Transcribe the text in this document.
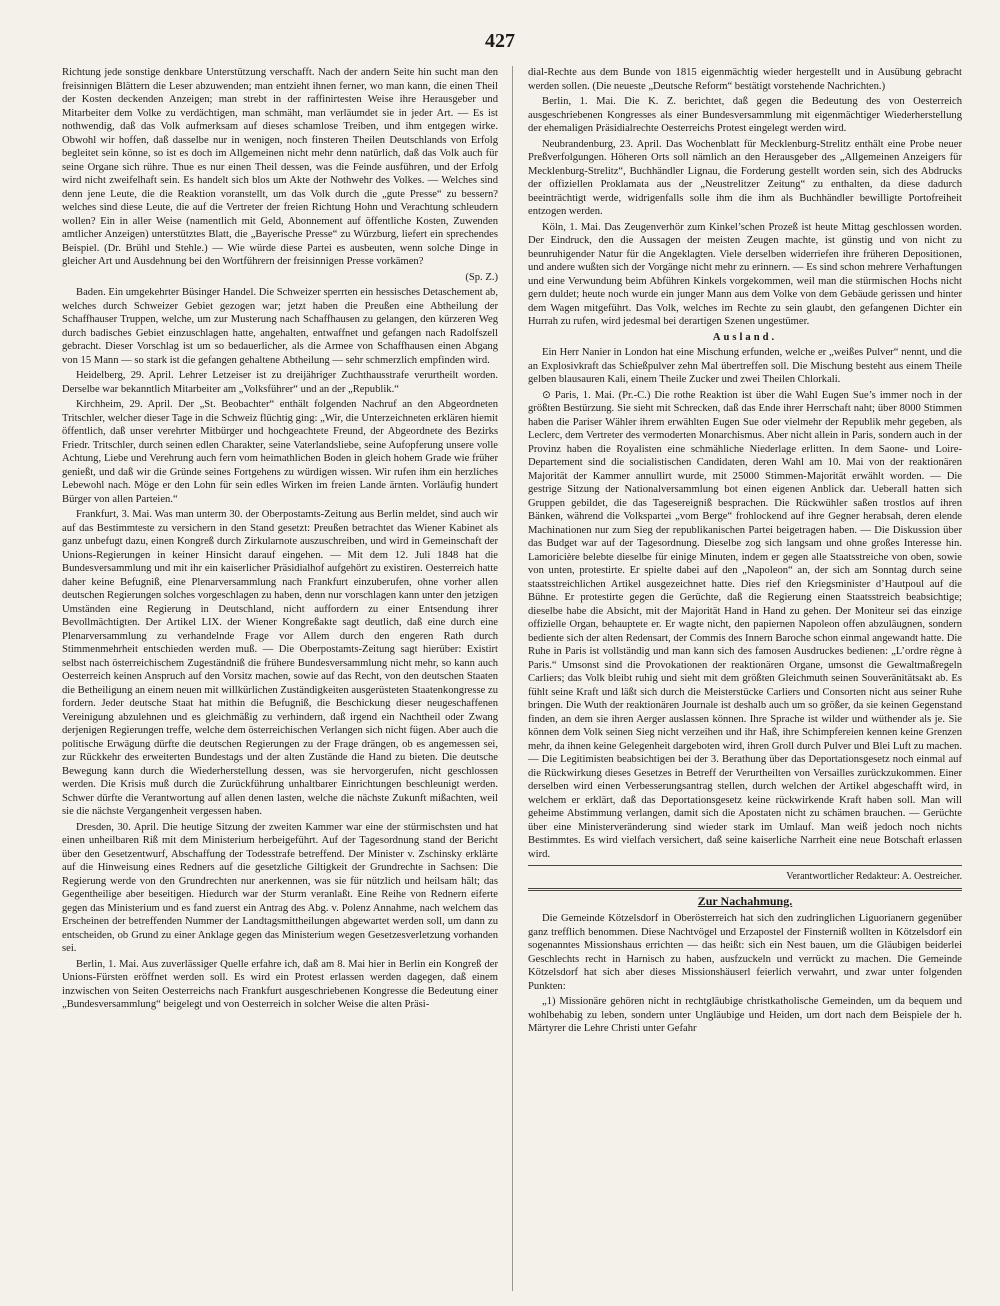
427

Richtung jede sonstige denkbare Unterstützung verschafft. Nach der andern Seite hin sucht man den freisinnigen Blättern die Leser abzuwenden; man entzieht ihnen ferner, wo man kann, die einen Theil der Kosten deckenden Anzeigen; man strebt in der raffinirtesten Weise ihre Herausgeber und Mitarbeiter dem Volke zu verdächtigen, man schmäht, man verläumdet sie in jeder Art. — Es ist nothwendig, daß das Volk aufmerksam auf dieses schamlose Treiben, und ihm entgegen wirke. Obwohl wir hoffen, daß dasselbe nur in wenigen, noch finsteren Theilen Deutschlands von Erfolg begleitet sein könne, so ist es doch im Allgemeinen nicht mehr denn natürlich, daß das Volk auch für seine Organe sich rühre. Thue es nur einen Theil dessen, was die Feinde ausführen, und der Erfolg wird nicht zweifelhaft sein. Es handelt sich blos um Akte der Nothwehr des Volkes. — Welches sind denn jene Leute, die die Reaktion voranstellt, um das Volk durch die „gute Presse“ zu bessern? welches sind diese Leute, die auf die Vertreter der freien Richtung Hohn und Verachtung schleudern wollen? Ein in aller Weise (namentlich mit Geld, Abonnement auf öffentliche Kosten, Zuwenden amtlicher Anzeigen) unterstütztes Blatt, die „Bayerische Presse“ zu Würzburg, liefert ein sprechendes Beispiel. (Dr. Brühl und Stehle.) — Wie würde diese Partei es ausbeuten, wenn solche Dinge in gleicher Art und Ausdehnung bei den Wortführern der freisinnigen Presse vorkämen?

(Sp. Z.)

Baden. Ein umgekehrter Büsinger Handel. Die Schweizer sperrten ein hessisches Detaschement ab, welches durch Schweizer Gebiet gezogen war; jetzt haben die Preußen eine Abtheilung der Schaffhauser Truppen, welche, um zur Musterung nach Schaffhausen zu gelangen, den kürzeren Weg durch badisches Gebiet einzuschlagen hatte, angehalten, entwaffnet und gefangen nach Radolfszell gebracht. Dieser Vorschlag ist um so bedauerlicher, als die Armee von Schaffhausen einen Abgang von 15 Mann — so stark ist die gefangen gehaltene Abtheilung — sehr schmerzlich empfinden wird.

Heidelberg, 29. April. Lehrer Letzeiser ist zu dreijähriger Zuchthausstrafe verurtheilt worden. Derselbe war bekanntlich Mitarbeiter am „Volksführer“ und an der „Republik.“

Kirchheim, 29. April. Der „St. Beobachter“ enthält folgenden Nachruf an den Abgeordneten Tritschler, welcher dieser Tage in die Schweiz flüchtig ging: „Wir, die Unterzeichneten erklären hiemit öffentlich, daß unser verehrter Mitbürger und hochgeachtete Freund, der Abgeordnete des Bezirks Friedr. Tritschler, durch seinen edlen Charakter, seine Vaterlandsliebe, seine Aufopferung unsere volle Achtung, Liebe und Verehrung auch fern vom heimathlichen Boden in gleich hohem Grade wie früher genießt, und daß wir die Gründe seines Fortgehens zu würdigen wissen. Wir rufen ihm ein herzliches Lebewohl nach. Möge er den Lohn für sein edles Wirken im freien Lande ärnten. Vorläufig hundert Bürger von allen Parteien.“

Frankfurt, 3. Mai. Was man unterm 30. der Oberpostamts-Zeitung aus Berlin meldet, sind auch wir auf das Bestimmteste zu versichern in den Stand gesetzt: Preußen betrachtet das Wiener Kabinet als ganz unbefugt dazu, einen Kongreß durch Zirkularnote auszuschreiben, und wird in Gemeinschaft der Unions-Regierungen in keiner Hinsicht darauf eingehen. — Mit dem 12. Juli 1848 hat die Bundesversammlung und mit ihr ein kaiserlicher Präsidialhof aufgehört zu existiren. Oesterreich hatte daher keine Befugniß, eine Plenarversammlung nach Frankfurt einzuberufen, ohne vorher allen deutschen Regierungen solches vorgeschlagen zu haben, denn nur vorschlagen kann unter den jetzigen Umständen eine Regierung in Deutschland, nicht auffordern zu einer Entsendung ihrer Bevollmächtigten. Der Artikel LIX. der Wiener Kongreßakte sagt deutlich, daß eine durch eine Plenarversammlung zu verhandelnde Frage vor Allem durch den engeren Rath durch Stimmenmehrheit entschieden werden muß. — Die Oberpostamts-Zeitung sagt hierüber: Existirt selbst nach österreichischem Zugeständniß die frühere Bundesversammlung nicht mehr, so kann auch Oesterreich keinen Anspruch auf den Vorsitz machen, sowie auf das Recht, von den deutschen Staaten die Betheiligung an einem neuen mit willkürlichen Zuständigkeiten ausgerüsteten Staatenkongresse zu fordern. Jeder deutsche Staat hat mithin die Befugniß, die Beschickung dieser neugeschaffenen Vereinigung abzulehnen und es gleichmäßig zu verhindern, daß irgend ein Nachtheil oder Zwang derjenigen Regierungen treffe, welche dem österreichischen Verlangen sich nicht fügen. Aber auch die politische Erwägung dürfte die deutschen Regierungen zu der Frage drängen, ob es angemessen sei, zur Rückkehr des erweiterten Bundestags und der alten Zustände die Hand zu bieten. Die deutsche Bewegung kann durch die Wiederherstellung dessen, was sie hervorgerufen, nicht geschlossen werden. Die Krisis muß durch die Zurückführung unhaltbarer Einrichtungen beschleunigt werden. Schwer dürfte die Verantwortung auf allen denen lasten, welche die nächste Zukunft mißachten, weil sie die nächste Vergangenheit vergessen haben.

Dresden, 30. April. Die heutige Sitzung der zweiten Kammer war eine der stürmischsten und hat einen unheilbaren Riß mit dem Ministerium herbeigeführt. Auf der Tagesordnung stand der Bericht über den Gesetzentwurf, Abschaffung der Todesstrafe betreffend. Der Minister v. Zschinsky erklärte auf die Hinweisung eines Redners auf die gesetzliche Giltigkeit der Grundrechte in Sachsen: Die Regierung werde von den Grundrechten nur anerkennen, was sie für nützlich und heilsam hält; das Gegentheilige aber beseitigen. Hiedurch war der Sturm veranlaßt. Eine Reihe von Rednern eiferte gegen das Ministerium und es fand zuerst ein Antrag des Abg. v. Polenz Annahme, nach welchem das Erscheinen der betreffenden Nummer der Landtagsmittheilungen abgewartet werden soll, um dann zu entscheiden, ob Grund zu einer Anklage gegen das Ministerium wegen Gesetzesverletzung vorhanden sei.

Berlin, 1. Mai. Aus zuverlässiger Quelle erfahre ich, daß am 8. Mai hier in Berlin ein Kongreß der Unions-Fürsten eröffnet werden soll. Es wird ein Protest erlassen werden dagegen, daß einem inzwischen von Seiten Oesterreichs nach Frankfurt ausgeschriebenen Kongresse die Bedeutung einer „Bundesversammlung“ beigelegt und von Oesterreich in solcher Weise die alten Präsi-

dial-Rechte aus dem Bunde von 1815 eigenmächtig wieder hergestellt und in Ausübung gebracht werden sollen. (Die neueste „Deutsche Reform“ bestätigt vorstehende Nachrichten.)

Berlin, 1. Mai. Die K. Z. berichtet, daß gegen die Bedeutung des von Oesterreich ausgeschriebenen Kongresses als einer Bundesversammlung mit eigenmächtiger Wiederherstellung der ehemaligen Präsidialrechte Oesterreichs Protest eingelegt werden wird.

Neubrandenburg, 23. April. Das Wochenblatt für Mecklenburg-Strelitz enthält eine Probe neuer Preßverfolgungen. Höheren Orts soll nämlich an den Herausgeber des „Allgemeinen Anzeigers für Mecklenburg-Strelitz“, Buchhändler Lignau, die Forderung gestellt worden sein, sich des Abdrucks der offiziellen Proklamata aus der „Neustrelitzer Zeitung“ zu enthalten, da diese dadurch beeinträchtigt werde, widrigenfalls solle ihm die ihm als Buchhändler bewilligte Portofreiheit entzogen werden.

Köln, 1. Mai. Das Zeugenverhör zum Kinkel’schen Prozeß ist heute Mittag geschlossen worden. Der Eindruck, den die Aussagen der meisten Zeugen machte, ist günstig und von nicht zu beunruhigender Natur für die Angeklagten. Viele derselben widerriefen ihre früheren Depositionen, und andere wußten sich der Vorgänge nicht mehr zu erinnern. — Es sind schon mehrere Verhaftungen und eine Verwundung beim Abführen Kinkels vorgekommen, weil man die stürmischen Hochs nicht gern duldet; heute noch wurde ein junger Mann aus dem Volke von dem Gebäude gerissen und hinter dem Wagen mitgeführt. Das Volk, welches im Rechte zu sein glaubt, den gefangenen Dichter ein Hurrah zu rufen, wird jedesmal bei derartigen Szenen ungestümer.

Ausland.

Ein Herr Nanier in London hat eine Mischung erfunden, welche er „weißes Pulver“ nennt, und die an Explosivkraft das Schießpulver zehn Mal übertreffen soll. Die Mischung besteht aus einem Theile gelben blausauren Kali, einem Theile Zucker und zwei Theilen Chlorkali.

⊙ Paris, 1. Mai. (Pr.-C.) Die rothe Reaktion ist über die Wahl Eugen Sue’s immer noch in der größten Bestürzung. Sie sieht mit Schrecken, daß das Ende ihrer Herrschaft naht; über 8000 Stimmen haben die Pariser Wähler ihrem erwählten Eugen Sue oder vielmehr der Republik mehr gegeben, als Leclerc, dem Vertreter des vermoderten Monarchismus. Aber nicht allein in Paris, sondern auch in der Provinz haben die Royalisten eine schmähliche Niederlage erlitten. In dem Saone- und Loire-Departement sind die socialistischen Candidaten, deren Wahl am 10. Mai von der reaktionären Majorität der Kammer annullirt wurde, mit 25000 Stimmen-Majorität erwählt worden. — Die gestrige Sitzung der Nationalversammlung bot einen eigenen Anblick dar. Ueberall hatten sich Gruppen gebildet, die das Tagesereigniß besprachen. Die Rückwühler saßen trostlos auf ihren Bänken, während die Volkspartei „vom Berge“ frohlockend auf ihre Gegner herabsah, deren elende Machinationen nur zum Sieg der republikanischen Partei beigetragen haben. — Die Diskussion über das Budget war auf der Tagesordnung. Dieselbe zog sich langsam und ohne großes Interesse hin. Lamoricière belebte dieselbe für einige Minuten, indem er gegen alle Staatsstreiche von oben, sowie von unten, protestirte. Er spielte dabei auf den „Napoleon“ an, der sich am Sonntag durch seine staatsstreichlichen Artikel ausgezeichnet hatte. Dies rief den Kriegsminister d’Hautpoul auf die Bühne. Er protestirte gegen die Gerüchte, daß die Regierung einen Staatsstreich beabsichtige; dieselbe habe die Absicht, mit der Majorität Hand in Hand zu gehen. Der Moniteur sei das einzige offizielle Organ, behauptete er. Er wagte nicht, den papiernen Napoleon offen abzuläugnen, sondern bediente sich der alten Redensart, der Commis des Innern Baroche schon einmal angewandt hatte. Die Ruhe in Paris ist vollständig und man kann sich des famosen Ausdruckes bedienen: „L’ordre règne à Paris.“ Umsonst sind die Provokationen der reaktionären Organe, umsonst die Gewaltmaßregeln Carliers; das Volk bleibt ruhig und sieht mit dem größten Gleichmuth seinen Souveränitätsakt ab. Es fühlt seine Kraft und läßt sich durch die Meisterstücke Carliers und Consorten nicht aus seiner Ruhe bringen. Die Wuth der reaktionären Journale ist deshalb auch um so größer, da sie keinen Gegenstand finden, an dem sie ihren Aerger auslassen können. Ihre Sprache ist wilder und wüthender als je. Sie können dem Volk seinen Sieg nicht verzeihen und ihr Haß, ihre Schimpfereien kennen keine Grenzen mehr, da ihnen keine Gelegenheit dargeboten wird, ihren Groll durch Pulver und Blei Luft zu machen. — Die Legitimisten beabsichtigen bei der 3. Berathung über das Deportationsgesetz noch einmal auf die Rückwirkung dieses Gesetzes in Betreff der Verurtheilten von Versailles zurückzukommen. Einer derselben wird einen Verbesserungsantrag stellen, durch welchen der Artikel abgeschafft wird, in welchem er erklärt, daß das Deportationsgesetz keine rückwirkende Kraft haben soll. Man will geheime Abstimmung verlangen, damit sich die Apostaten nicht zu schämen brauchen. — Gerüchte über eine Ministerveränderung sind wieder stark im Umlauf. Man weiß jedoch noch nichts Bestimmtes. Es wird vielfach versichert, daß seine kaiserliche Narrheit eine neue Botschaft erlassen wird.

Verantwortlicher Redakteur: A. Oestreicher.
Zur Nachahmung.

Die Gemeinde Kötzelsdorf in Oberösterreich hat sich den zudringlichen Liguorianern gegenüber ganz trefflich benommen. Diese Nachtvögel und Erzapostel der Finsterniß wollten in Kötzelsdorf ein sogenanntes Missionshaus errichten — das heißt: sich ein Nest bauen, um die Gläubigen beiderlei Geschlechts recht in Harnisch zu haben, ausfzuckeln und verrückt zu machen. Die Gemeinde Kötzelsdorf hat sich aber dieses Missionshäuserl feierlich verwahrt, und zwar unter folgenden Punkten:

„1) Missionäre gehören nicht in rechtgläubige christkatholische Gemeinden, um da bequem und wohlbehabig zu leben, sondern unter Ungläubige und Heiden, um dort nach dem Beispiele der h. Märtyrer die Lehre Christi unter Gefahr
